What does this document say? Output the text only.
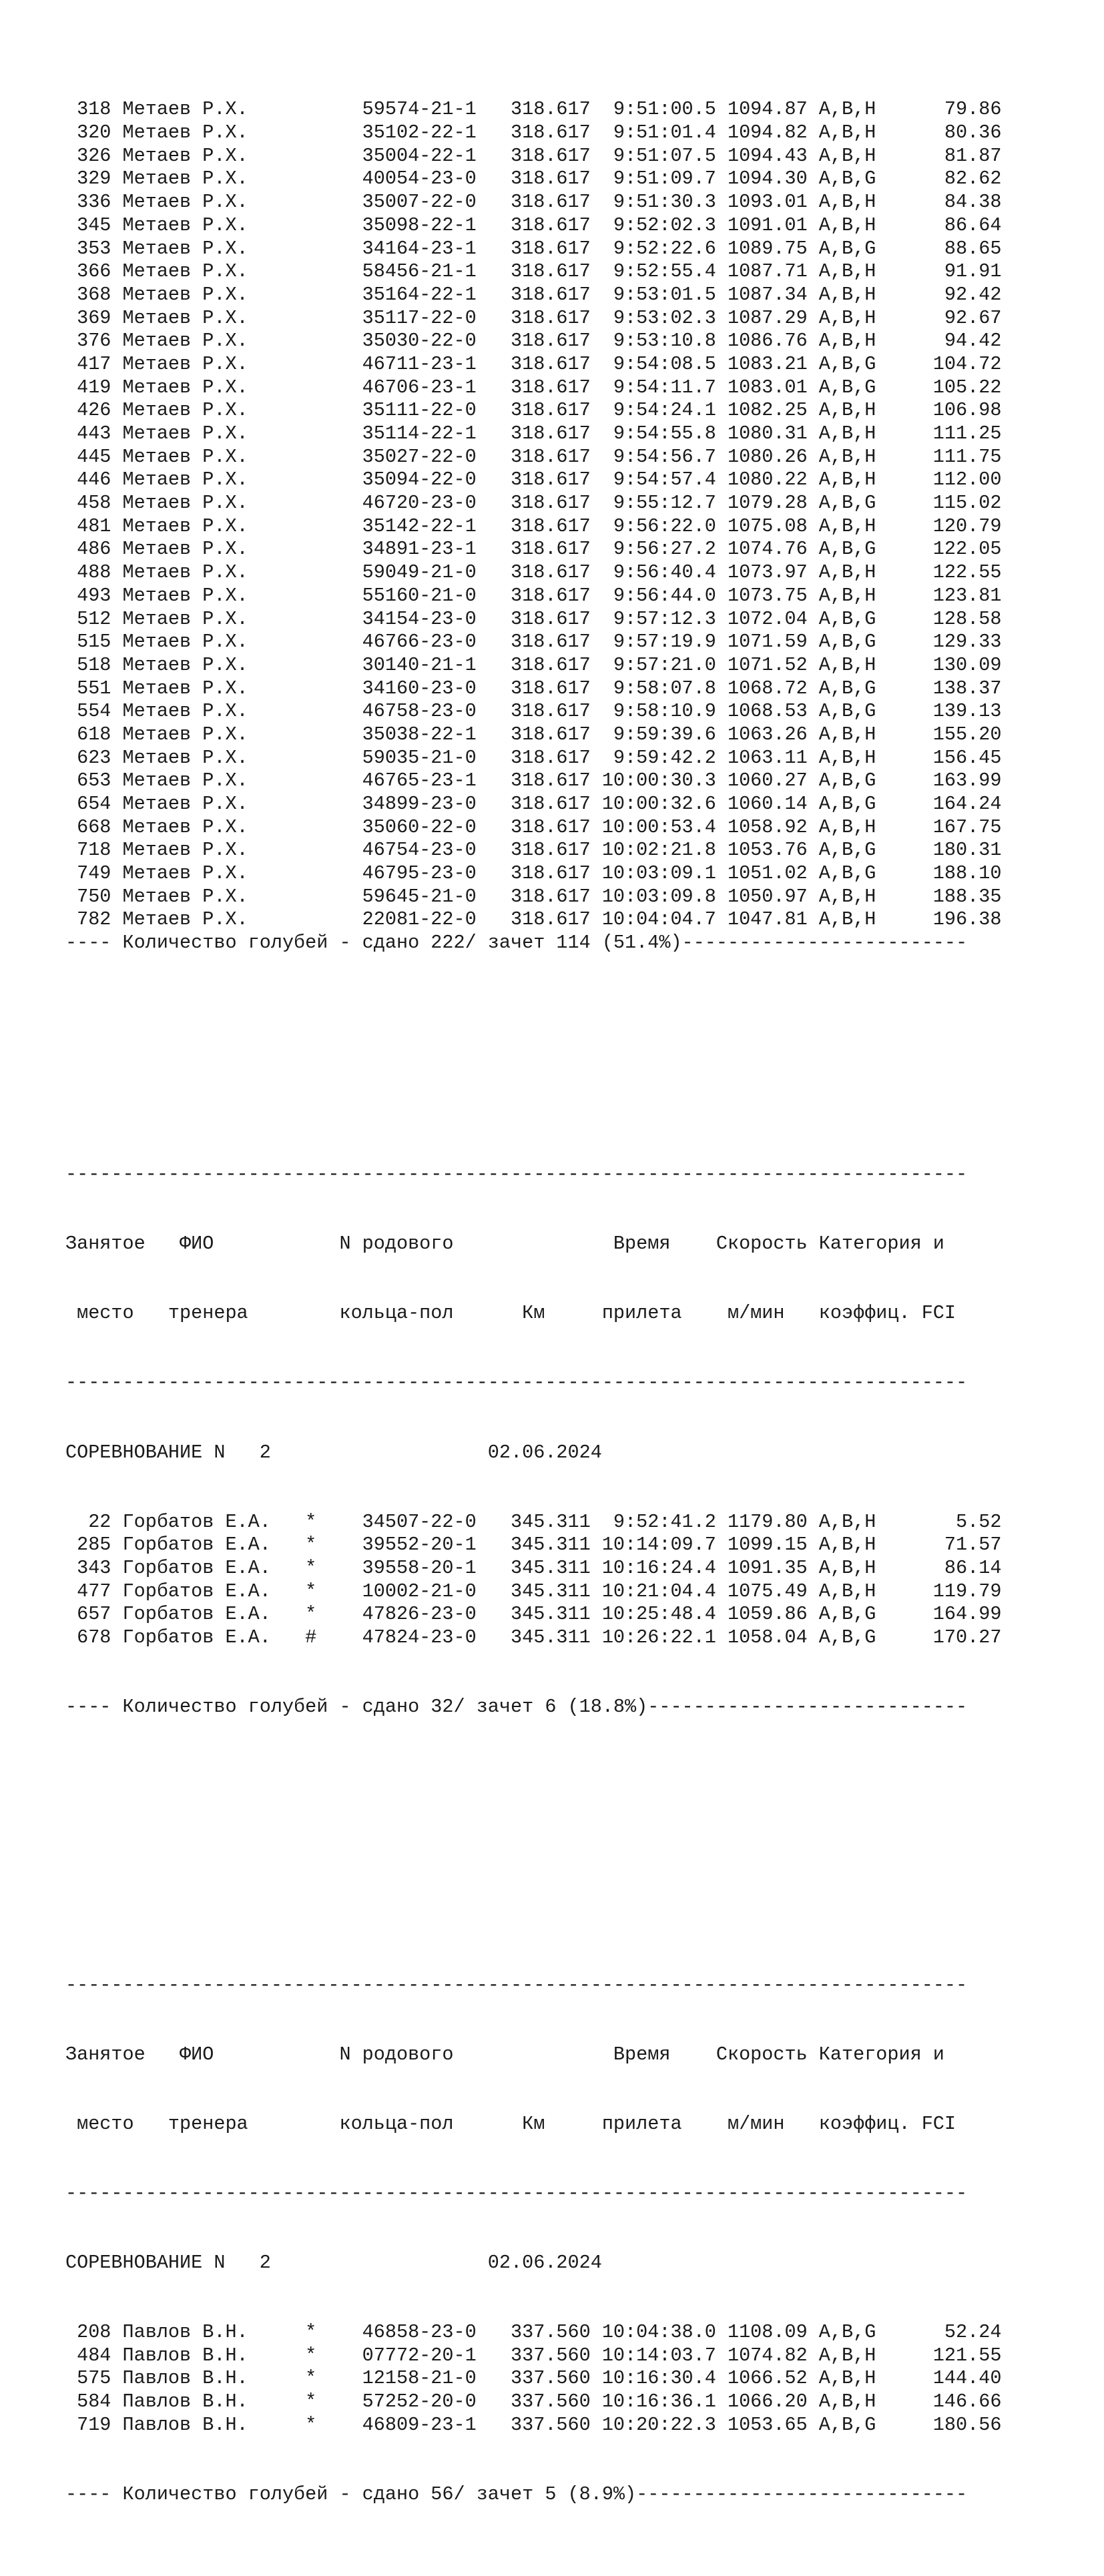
318 Метаев Р.Х.          59574-21-1   318.617  9:51:00.5 1094.87 A,B,H      79.86
320 Метаев Р.Х.          35102-22-1   318.617  9:51:01.4 1094.82 A,B,H      80.36
326 Метаев Р.Х.          35004-22-1   318.617  9:51:07.5 1094.43 A,B,H      81.87
329 Метаев Р.Х.          40054-23-0   318.617  9:51:09.7 1094.30 A,B,G      82.62
336 Метаев Р.Х.          35007-22-0   318.617  9:51:30.3 1093.01 A,B,H      84.38
345 Метаев Р.Х.          35098-22-1   318.617  9:52:02.3 1091.01 A,B,H      86.64
353 Метаев Р.Х.          34164-23-1   318.617  9:52:22.6 1089.75 A,B,G      88.65
366 Метаев Р.Х.          58456-21-1   318.617  9:52:55.4 1087.71 A,B,H      91.91
368 Метаев Р.Х.          35164-22-1   318.617  9:53:01.5 1087.34 A,B,H      92.42
369 Метаев Р.Х.          35117-22-0   318.617  9:53:02.3 1087.29 A,B,H      92.67
376 Метаев Р.Х.          35030-22-0   318.617  9:53:10.8 1086.76 A,B,H      94.42
417 Метаев Р.Х.          46711-23-1   318.617  9:54:08.5 1083.21 A,B,G     104.72
419 Метаев Р.Х.          46706-23-1   318.617  9:54:11.7 1083.01 A,B,G     105.22
426 Метаев Р.Х.          35111-22-0   318.617  9:54:24.1 1082.25 A,B,H     106.98
443 Метаев Р.Х.          35114-22-1   318.617  9:54:55.8 1080.31 A,B,H     111.25
445 Метаев Р.Х.          35027-22-0   318.617  9:54:56.7 1080.26 A,B,H     111.75
446 Метаев Р.Х.          35094-22-0   318.617  9:54:57.4 1080.22 A,B,H     112.00
458 Метаев Р.Х.          46720-23-0   318.617  9:55:12.7 1079.28 A,B,G     115.02
481 Метаев Р.Х.          35142-22-1   318.617  9:56:22.0 1075.08 A,B,H     120.79
486 Метаев Р.Х.          34891-23-1   318.617  9:56:27.2 1074.76 A,B,G     122.05
488 Метаев Р.Х.          59049-21-0   318.617  9:56:40.4 1073.97 A,B,H     122.55
493 Метаев Р.Х.          55160-21-0   318.617  9:56:44.0 1073.75 A,B,H     123.81
512 Метаев Р.Х.          34154-23-0   318.617  9:57:12.3 1072.04 A,B,G     128.58
515 Метаев Р.Х.          46766-23-0   318.617  9:57:19.9 1071.59 A,B,G     129.33
518 Метаев Р.Х.          30140-21-1   318.617  9:57:21.0 1071.52 A,B,H     130.09
551 Метаев Р.Х.          34160-23-0   318.617  9:58:07.8 1068.72 A,B,G     138.37
554 Метаев Р.Х.          46758-23-0   318.617  9:58:10.9 1068.53 A,B,G     139.13
618 Метаев Р.Х.          35038-22-1   318.617  9:59:39.6 1063.26 A,B,H     155.20
623 Метаев Р.Х.          59035-21-0   318.617  9:59:42.2 1063.11 A,B,H     156.45
653 Метаев Р.Х.          46765-23-1   318.617 10:00:30.3 1060.27 A,B,G     163.99
654 Метаев Р.Х.          34899-23-0   318.617 10:00:32.6 1060.14 A,B,G     164.24
668 Метаев Р.Х.          35060-22-0   318.617 10:00:53.4 1058.92 A,B,H     167.75
718 Метаев Р.Х.          46754-23-0   318.617 10:02:21.8 1053.76 A,B,G     180.31
749 Метаев Р.Х.          46795-23-0   318.617 10:03:09.1 1051.02 A,B,G     188.10
750 Метаев Р.Х.          59645-21-0   318.617 10:03:09.8 1050.97 A,B,H     188.35
782 Метаев Р.Х.          22081-22-0   318.617 10:04:04.7 1047.81 A,B,H     196.38
---- Количество голубей - сдано 222/ зачет 114 (51.4%)-------------------------

-------------------------------------------------------------------------------

Занятое   ФИО           N родового              Время    Скорость Категория и

место   тренера        кольца-пол      Км     прилета    м/мин   коэффиц. FCI

-------------------------------------------------------------------------------

СОРЕВНОВАНИЕ N   2                   02.06.2024

22 Горбатов Е.А.   *    34507-22-0   345.311  9:52:41.2 1179.80 A,B,H       5.52
285 Горбатов Е.А.   *    39552-20-1   345.311 10:14:09.7 1099.15 A,B,H      71.57
343 Горбатов Е.А.   *    39558-20-1   345.311 10:16:24.4 1091.35 A,B,H      86.14
477 Горбатов Е.А.   *    10002-21-0   345.311 10:21:04.4 1075.49 A,B,H     119.79
657 Горбатов Е.А.   *    47826-23-0   345.311 10:25:48.4 1059.86 A,B,G     164.99
678 Горбатов Е.А.   #    47824-23-0   345.311 10:26:22.1 1058.04 A,B,G     170.27

---- Количество голубей - сдано 32/ зачет 6 (18.8%)----------------------------

-------------------------------------------------------------------------------

Занятое   ФИО           N родового              Время    Скорость Категория и

место   тренера        кольца-пол      Км     прилета    м/мин   коэффиц. FCI

-------------------------------------------------------------------------------

СОРЕВНОВАНИЕ N   2                   02.06.2024

208 Павлов В.Н.     *    46858-23-0   337.560 10:04:38.0 1108.09 A,B,G      52.24
484 Павлов В.Н.     *    07772-20-1   337.560 10:14:03.7 1074.82 A,B,H     121.55
575 Павлов В.Н.     *    12158-21-0   337.560 10:16:30.4 1066.52 A,B,H     144.40
584 Павлов В.Н.     *    57252-20-0   337.560 10:16:36.1 1066.20 A,B,H     146.66
719 Павлов В.Н.     *    46809-23-1   337.560 10:20:22.3 1053.65 A,B,G     180.56

---- Количество голубей - сдано 56/ зачет 5 (8.9%)-----------------------------
